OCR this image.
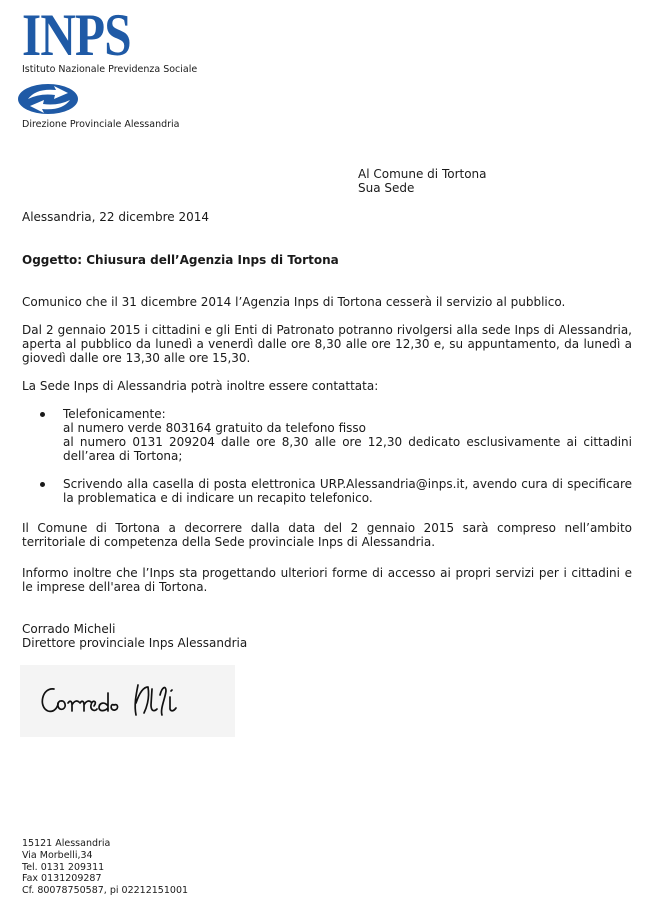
INPS
Istituto Nazionale Previdenza Sociale
Direzione Provinciale Alessandria
Al Comune di Tortona
Sua Sede
Alessandria, 22 dicembre 2014
Oggetto: Chiusura dell’Agenzia Inps di Tortona
Comunico che il 31 dicembre 2014 l’Agenzia Inps di Tortona cesserà il servizio al pubblico.
Dal 2 gennaio 2015 i cittadini e gli Enti di Patronato potranno rivolgersi alla sede Inps di Alessandria, aperta al pubblico da lunedì a venerdì dalle ore 8,30 alle ore 12,30 e, su appuntamento, da lunedì a giovedì dalle ore 13,30 alle ore 15,30.
La Sede Inps di Alessandria potrà inoltre essere contattata:
Telefonicamente:
al numero verde 803164 gratuito da telefono fisso
al numero 0131 209204 dalle ore 8,30 alle ore 12,30 dedicato esclusivamente ai cittadini dell’area di Tortona;
Scrivendo alla casella di posta elettronica URP.Alessandria@inps.it, avendo cura di specificare la problematica e di indicare un recapito telefonico.
Il Comune di Tortona a decorrere dalla data del 2 gennaio 2015 sarà compreso nell’ambito territoriale di competenza della Sede provinciale Inps di Alessandria.
Informo inoltre che l’Inps sta progettando ulteriori forme di accesso ai propri servizi per i cittadini e le imprese dell'area di Tortona.
Corrado Micheli
Direttore provinciale Inps Alessandria
15121 Alessandria
Via Morbelli,34
Tel. 0131 209311
Fax 0131209287
Cf. 80078750587, pi 02212151001
